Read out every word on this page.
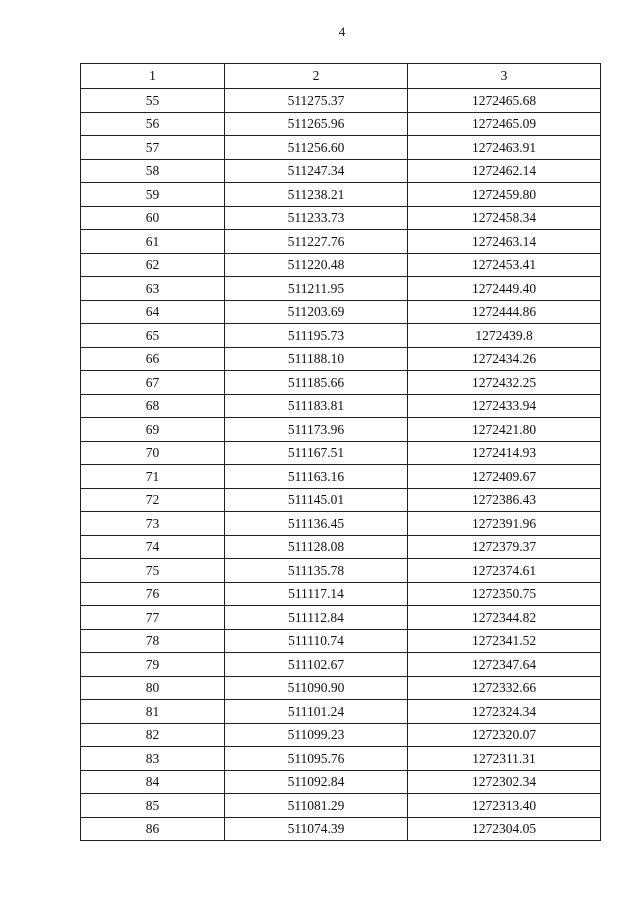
4
1	2	3
55	511275.37	1272465.68
56	511265.96	1272465.09
57	511256.60	1272463.91
58	511247.34	1272462.14
59	511238.21	1272459.80
60	511233.73	1272458.34
61	511227.76	1272463.14
62	511220.48	1272453.41
63	511211.95	1272449.40
64	511203.69	1272444.86
65	511195.73	1272439.8
66	511188.10	1272434.26
67	511185.66	1272432.25
68	511183.81	1272433.94
69	511173.96	1272421.80
70	511167.51	1272414.93
71	511163.16	1272409.67
72	511145.01	1272386.43
73	511136.45	1272391.96
74	511128.08	1272379.37
75	511135.78	1272374.61
76	511117.14	1272350.75
77	511112.84	1272344.82
78	511110.74	1272341.52
79	511102.67	1272347.64
80	511090.90	1272332.66
81	511101.24	1272324.34
82	511099.23	1272320.07
83	511095.76	1272311.31
84	511092.84	1272302.34
85	511081.29	1272313.40
86	511074.39	1272304.05
